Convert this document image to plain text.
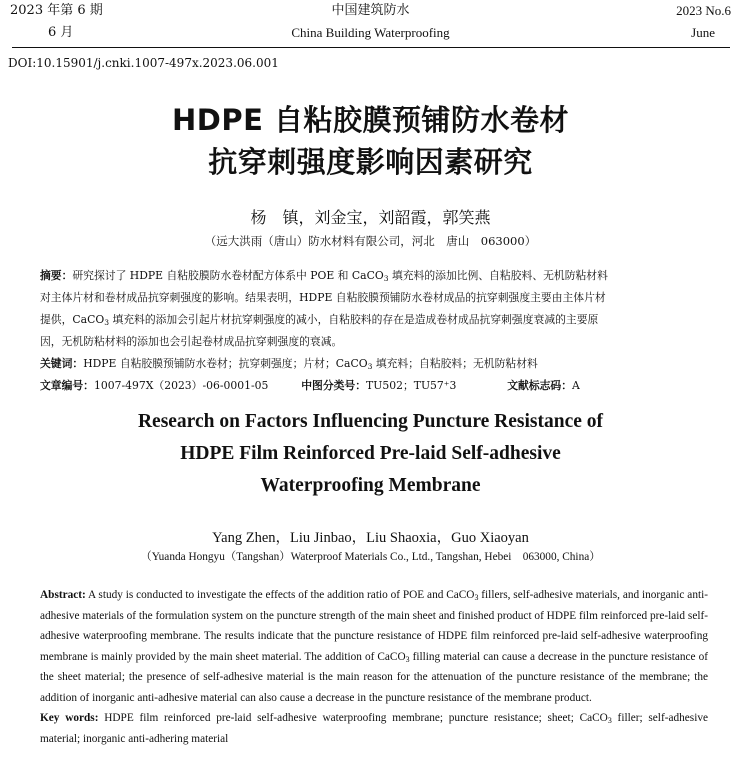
2023 年第 6 期
6 月
中国建筑防水
China Building Waterproofing
2023 No.6
June
DOI:10.15901/j.cnki.1007-497x.2023.06.001
HDPE 自粘胶膜预铺防水卷材
抗穿刺强度影响因素研究
杨　镇，刘金宝，刘韶霞，郭笑燕
（远大洪雨（唐山）防水材料有限公司，河北　唐山　063000）
摘要：研究探讨了 HDPE 自粘胶膜防水卷材配方体系中 POE 和 CaCO$_3$ 填充料的添加比例、自粘胶料、无机防粘材料
对主体片材和卷材成品抗穿刺强度的影响。结果表明，HDPE 自粘胶膜预铺防水卷材成品的抗穿刺强度主要由主体片材
提供，CaCO$_3$ 填充料的添加会引起片材抗穿刺强度的减小，自粘胶料的存在是造成卷材成品抗穿刺强度衰减的主要原
因，无机防粘材料的添加也会引起卷材成品抗穿刺强度的衰减。
关键词：HDPE 自粘胶膜预铺防水卷材；抗穿刺强度；片材；CaCO$_3$ 填充料；自粘胶料；无机防粘材料
文章编号：1007-497X（2023）-06-0001-05	中图分类号：TU502；TU57⁺3	文献标志码：A
Research on Factors Influencing Puncture Resistance of
HDPE Film Reinforced Pre-laid Self-adhesive
Waterproofing Membrane
Yang Zhen，Liu Jinbao，Liu Shaoxia，Guo Xiaoyan
（Yuanda Hongyu（Tangshan）Waterproof Materials Co., Ltd., Tangshan, Hebei　063000, China）
Abstract: A study is conducted to investigate the effects of the addition ratio of POE and CaCO$_3$ fillers, self-adhesive materials, and inorganic anti-adhesive materials of the formulation system on the puncture strength of the main sheet and finished product of HDPE film reinforced pre-laid self-adhesive waterproofing membrane. The results indicate that the puncture resistance of HDPE film reinforced pre-laid self-adhesive waterproofing membrane is mainly provided by the main sheet material. The addition of CaCO$_3$ filling material can cause a decrease in the puncture resistance of the sheet material; the presence of self-adhesive material is the main reason for the attenuation of the puncture resistance of the membrane; the addition of inorganic anti-adhesive material can also cause a decrease in the puncture resistance of the membrane product.
Key words: HDPE film reinforced pre-laid self-adhesive waterproofing membrane; puncture resistance; sheet; CaCO$_3$ filler; self-adhesive material; inorganic anti-adhering material
